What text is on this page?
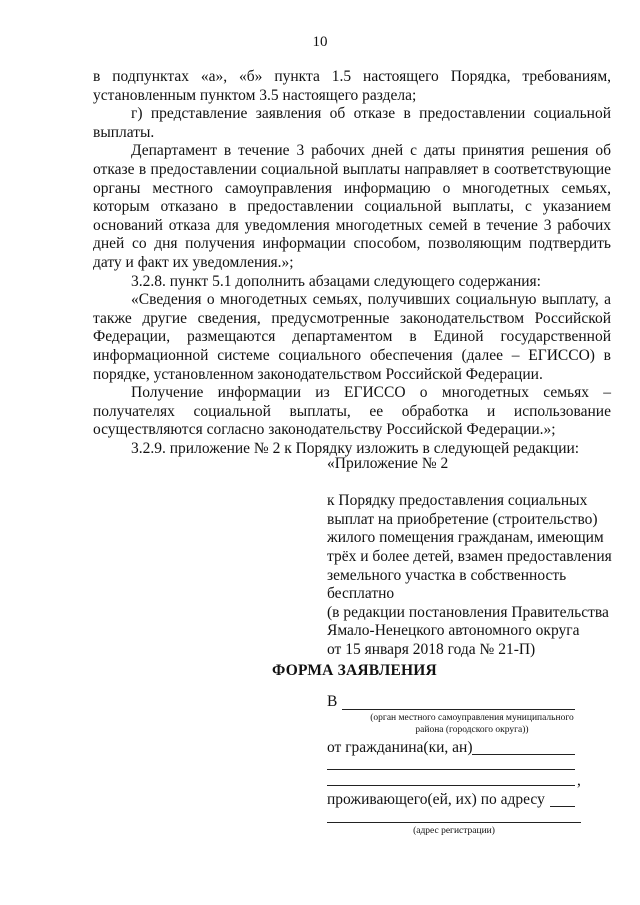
10

в подпунктах «а», «б» пункта 1.5 настоящего Порядка, требованиям, установленным пунктом 3.5 настоящего раздела;

г) представление заявления об отказе в предоставлении социальной выплаты.

Департамент в течение 3 рабочих дней с даты принятия решения об отказе в предоставлении социальной выплаты направляет в соответствующие органы местного самоуправления информацию о многодетных семьях, которым отказано в предоставлении социальной выплаты, с указанием оснований отказа для уведомления многодетных семей в течение 3 рабочих дней со дня получения информации способом, позволяющим подтвердить дату и факт их уведомления.»;

3.2.8. пункт 5.1 дополнить абзацами следующего содержания:

«Сведения о многодетных семьях, получивших социальную выплату, а также другие сведения, предусмотренные законодательством Российской Федерации, размещаются департаментом в Единой государственной информационной системе социального обеспечения (далее – ЕГИССО) в порядке, установленном законодательством Российской Федерации.

Получение информации из ЕГИССО о многодетных семьях – получателях социальной выплаты, ее обработка и использование осуществляются согласно законодательству Российской Федерации.»;

3.2.9. приложение № 2 к Порядку изложить в следующей редакции:

«Приложение № 2
к Порядку предоставления социальных
выплат на приобретение (строительство)
жилого помещения гражданам, имеющим
трёх и более детей, взамен предоставления
земельного участка в собственность
бесплатно
(в редакции постановления Правительства
Ямало-Ненецкого автономного округа
от 15 января 2018 года № 21-П)
ФОРМА ЗАЯВЛЕНИЯ
В
(орган местного самоуправления муниципального
района (городского округа))
от гражданина(ки, ан)
,
проживающего(ей, их) по адресу
(адрес регистрации)
